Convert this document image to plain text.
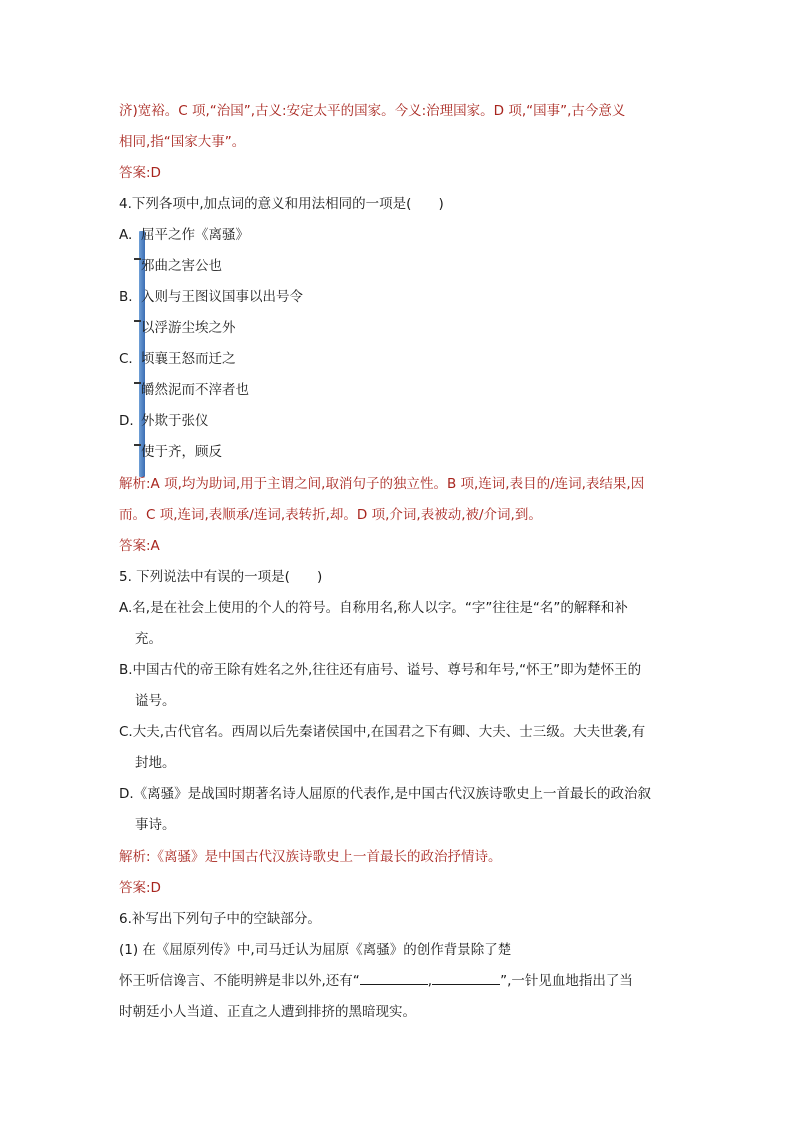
济)宽裕。C 项,“治国”,古义:安定太平的国家。今义:治理国家。D 项,“国事”,古今意义
相同,指“国家大事”。
答案:D
4.下列各项中,加点词的意义和用法相同的一项是(　　)
A. 屈平之作《离骚》
邪曲之害公也
B. 入则与王图议国事以出号令
以浮游尘埃之外
C. 顷襄王怒而迁之
皭然泥而不滓者也
D. 外欺于张仪
使于齐，顾反
解析:A 项,均为助词,用于主谓之间,取消句子的独立性。B 项,连词,表目的/连词,表结果,因
而。C 项,连词,表顺承/连词,表转折,却。D 项,介词,表被动,被/介词,到。
答案:A
5. 下列说法中有误的一项是(　　)
A.名,是在社会上使用的个人的符号。自称用名,称人以字。“字”往往是“名”的解释和补
充。
B.中国古代的帝王除有姓名之外,往往还有庙号、谥号、尊号和年号,“怀王”即为楚怀王的
谥号。
C.大夫,古代官名。西周以后先秦诸侯国中,在国君之下有卿、大夫、士三级。大夫世袭,有
封地。
D.《离骚》是战国时期著名诗人屈原的代表作,是中国古代汉族诗歌史上一首最长的政治叙
事诗。
解析:《离骚》是中国古代汉族诗歌史上一首最长的政治抒情诗。
答案:D
6.补写出下列句子中的空缺部分。
(1) 在《屈原列传》中,司马迁认为屈原《离骚》的创作背景除了楚
怀王听信谗言、不能明辨是非以外,还有“	,	”,一针见血地指出了当
时朝廷小人当道、正直之人遭到排挤的黑暗现实。
